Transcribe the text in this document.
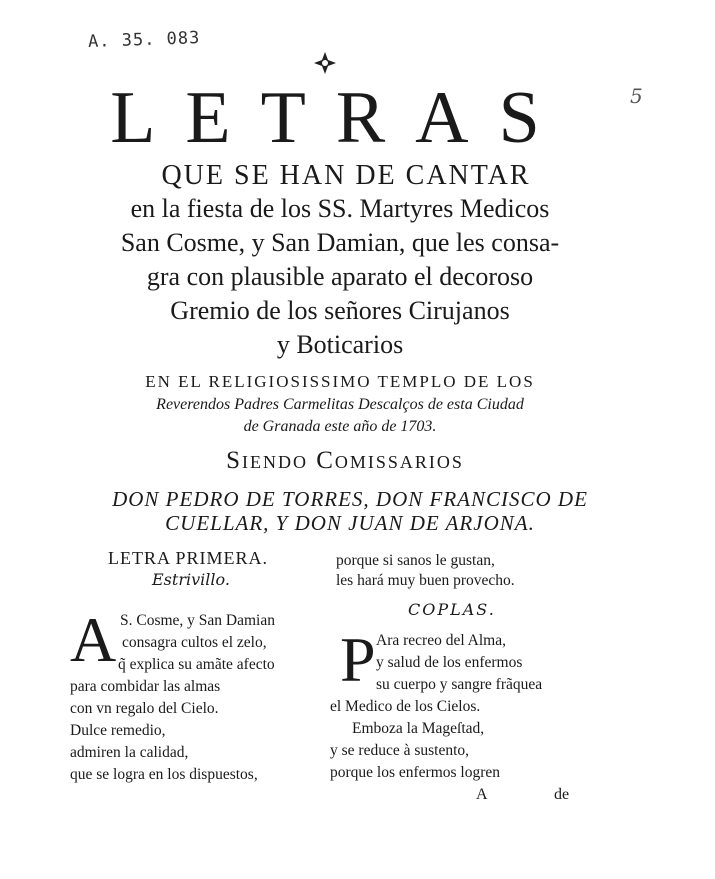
A. 35. 083
5
LETRAS
QUE SE HAN DE CANTAR
en la fiesta de los SS. Martyres Medicos
San Cosme, y San Damian, que les consa-
gra con plausible aparato el decoroso
Gremio de los señores Cirujanos
y Boticarios
EN EL RELIGIOSISSIMO TEMPLO DE LOS
Reverendos Padres Carmelitas Descalços de esta Ciudad
de Granada este año de 1703.
Siendo Comissarios
DON PEDRO DE TORRES, DON FRANCISCO DE
CUELLAR, Y DON JUAN DE ARJONA.
LETRA PRIMERA.
Estrivillo.
A S. Cosme, y San Damian
consagra cultos el zelo,
q̃ explica su amãte afecto
para combidar las almas
con vn regalo del Cielo.
Dulce remedio,
admiren la calidad,
que se logra en los dispuestos,
porque si sanos le gustan,
les hará muy buen provecho.
COPLAS.
P Ara recreo del Alma,
y salud de los enfermos
su cuerpo y sangre frãquea
el Medico de los Cielos.
Emboza la Mageſtad,
y se reduce à sustento,
porque los enfermos logren
A	de
